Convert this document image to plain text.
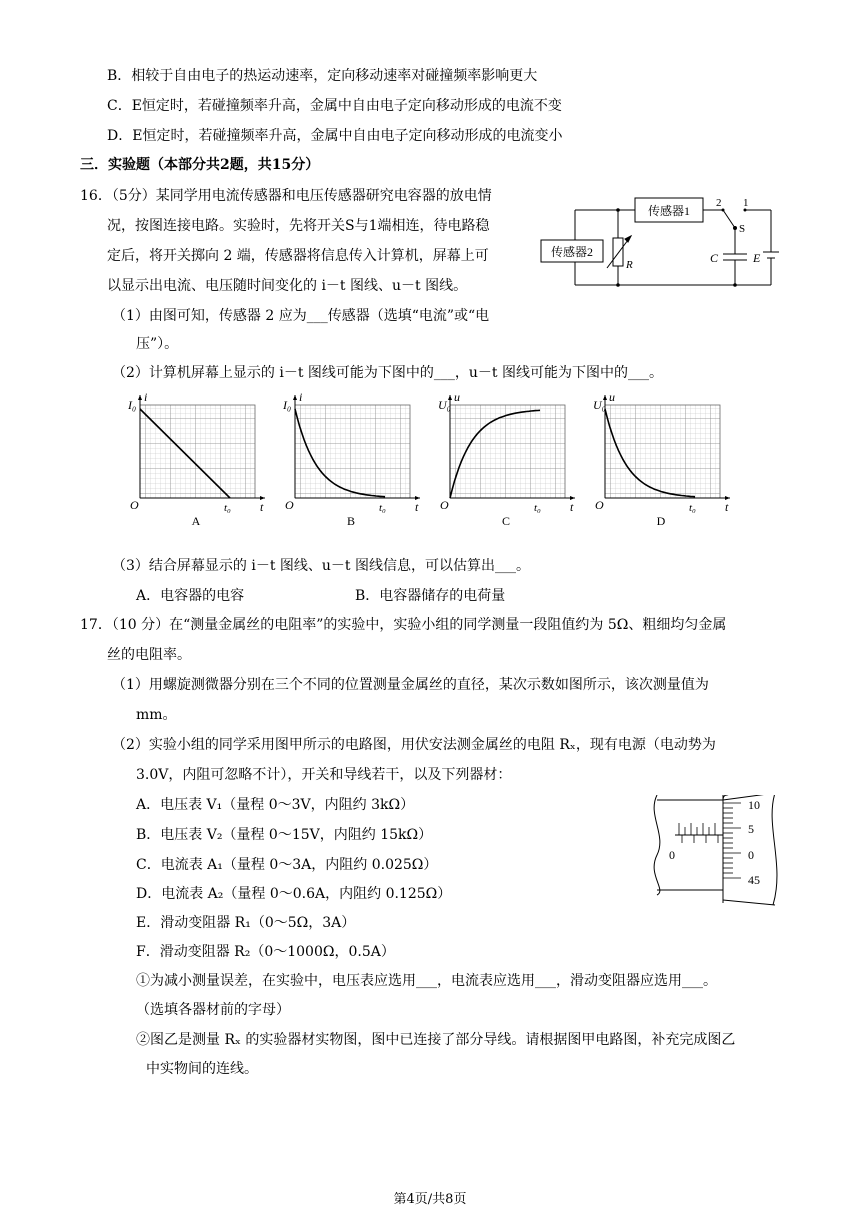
B．相较于自由电子的热运动速率，定向移动速率对碰撞频率影响更大
C．E恒定时，若碰撞频率升高，金属中自由电子定向移动形成的电流不变
D．E恒定时，若碰撞频率升高，金属中自由电子定向移动形成的电流变小
三．实验题（本部分共2题，共15分）
16．（5分）某同学用电流传感器和电压传感器研究电容器的放电情
况，按图连接电路。实验时，先将开关S与1端相连，待电路稳
定后，将开关掷向 2 端，传感器将信息传入计算机，屏幕上可
以显示出电流、电压随时间变化的 i－t 图线、u－t 图线。
（1）由图可知，传感器 2 应为___传感器（选填“电流”或“电
压”）。
（2）计算机屏幕上显示的 i－t 图线可能为下图中的___，u－t 图线可能为下图中的___。
传感器1
传感器2
R	C	E
S
2 1
I₀
i
O	t₀ t
A
I₀
i
O	t₀ t
B
U₀
u
O	t₀ t
C
U₀
u
O	t₀ t
D
（3）结合屏幕显示的 i－t 图线、u－t 图线信息，可以估算出___。
A．电容器的电容	B．电容器储存的电荷量
17．（10 分）在“测量金属丝的电阻率”的实验中，实验小组的同学测量一段阻值约为 5Ω、粗细均匀金属
丝的电阻率。
（1）用螺旋测微器分别在三个不同的位置测量金属丝的直径，某次示数如图所示，该次测量值为
mm。
（2）实验小组的同学采用图甲所示的电路图，用伏安法测金属丝的电阻 Rₓ，现有电源（电动势为
3.0V，内阻可忽略不计），开关和导线若干，以及下列器材：
A．电压表 V₁（量程 0～3V，内阻约 3kΩ）
B．电压表 V₂（量程 0～15V，内阻约 15kΩ）
C．电流表 A₁（量程 0～3A，内阻约 0.025Ω）
D．电流表 A₂（量程 0～0.6A，内阻约 0.125Ω）
E．滑动变阻器 R₁（0～5Ω，3A）
F．滑动变阻器 R₂（0～1000Ω，0.5A）
①为减小测量误差，在实验中，电压表应选用___，电流表应选用___，滑动变阻器应选用___。
（选填各器材前的字母）
②图乙是测量 Rₓ 的实验器材实物图，图中已连接了部分导线。请根据图甲电路图，补充完成图乙
中实物间的连线。
10
5
0
45
0
第4页/共8页
